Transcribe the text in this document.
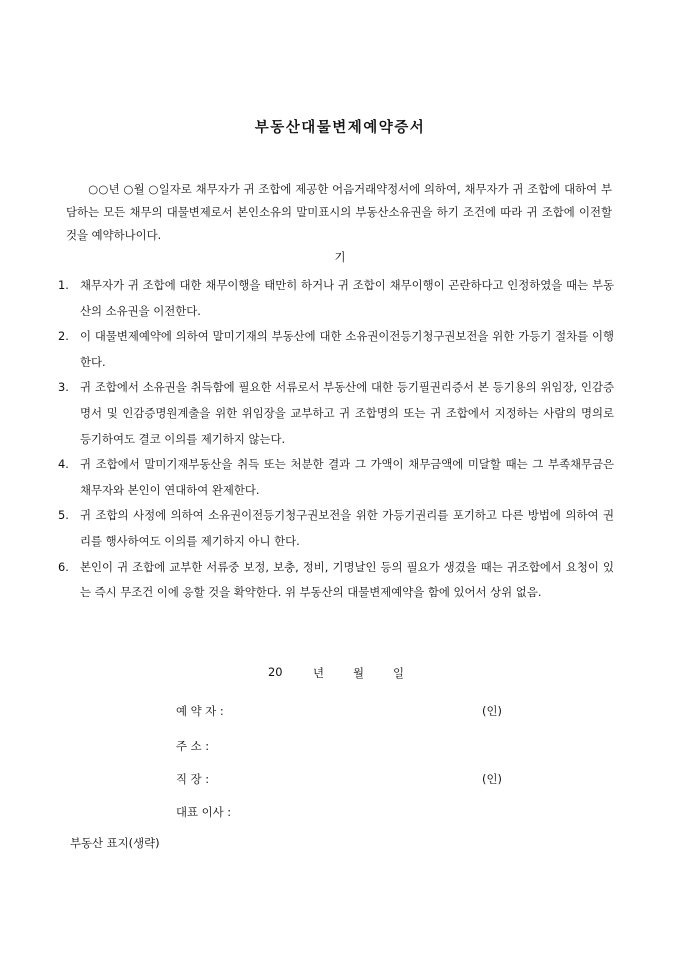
부동산대물변제예약증서

○○년 ○월 ○일자로 채무자가 귀 조합에 제공한 어음거래약정서에 의하여, 채무자가 귀 조합에 대하여 부담하는 모든 채무의 대물변제로서 본인소유의 말미표시의 부동산소유권을 하기 조건에 따라 귀 조합에 이전할 것을 예약하나이다.

기
1. 채무자가 귀 조합에 대한 채무이행을 태만히 하거나 귀 조합이 채무이행이 곤란하다고 인정하였을 때는 부동산의 소유권을 이전한다.
2. 이 대물변제예약에 의하여 말미기재의 부동산에 대한 소유권이전등기청구권보전을 위한 가등기 절차를 이행한다.
3. 귀 조합에서 소유권을 취득함에 필요한 서류로서 부동산에 대한 등기필권리증서 본 등기용의 위임장, 인감증명서 및 인감증명원계출을 위한 위임장을 교부하고 귀 조합명의 또는 귀 조합에서 지정하는 사람의 명의로 등기하여도 결코 이의를 제기하지 않는다.
4. 귀 조합에서 말미기재부동산을 취득 또는 처분한 결과 그 가액이 채무금액에 미달할 때는 그 부족채무금은 채무자와 본인이 연대하여 완제한다.
5. 귀 조합의 사정에 의하여 소유권이전등기청구권보전을 위한 가등기권리를 포기하고 다른 방법에 의하여 권리를 행사하여도 이의를 제기하지 아니 한다.
6. 본인이 귀 조합에 교부한 서류중 보정, 보충, 정비, 기명날인 등의 필요가 생겼을 때는 귀조합에서 요청이 있는 즉시 무조건 이에 응할 것을 확약한다. 위 부동산의 대물변제예약을 함에 있어서 상위 없음.
20	년	월	일
예 약 자 :	(인)
주 소 :
직 장 :	(인)
대표 이사 :
부동산 표지(생략)
